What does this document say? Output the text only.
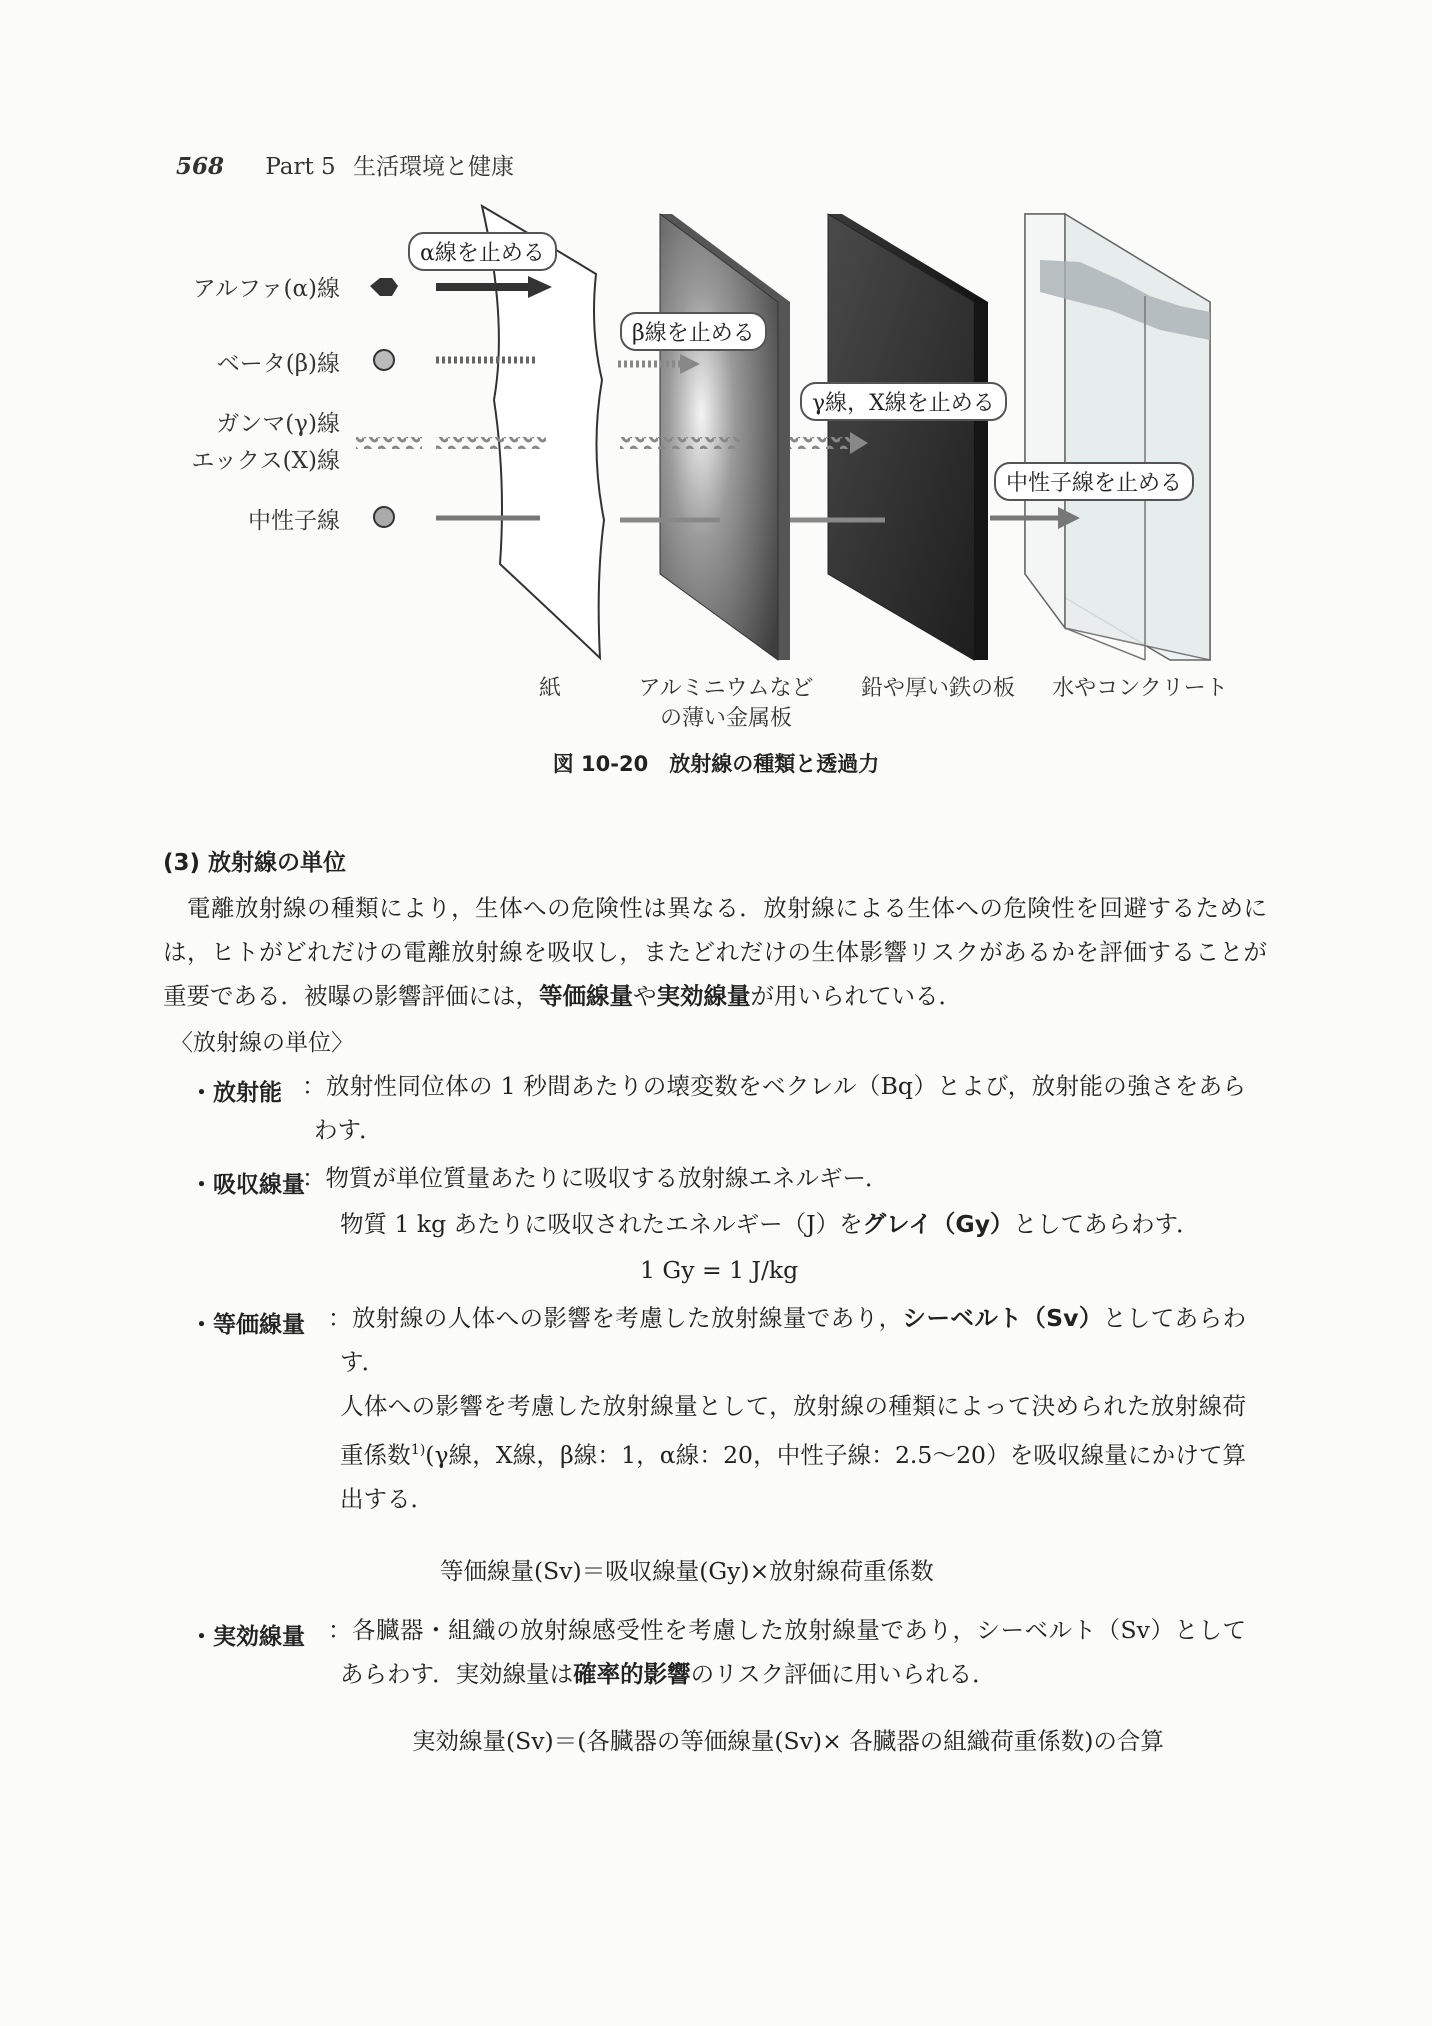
568 Part 5 生活環境と健康
アルファ(α)線
ベータ(β)線
ガンマ(γ)線
エックス(X)線
中性子線
α線を止める
β線を止める
γ線，X線を止める
中性子線を止める
紙	アルミニウムなど
の薄い金属板
鉛や厚い鉄の板	水やコンクリート
図 10-20　放射線の種類と透過力
(3) 放射線の単位
電離放射線の種類により，生体への危険性は異なる．放射線による生体への危険性を回避するためには，ヒトがどれだけの電離放射線を吸収し，またどれだけの生体影響リスクがあるかを評価することが重要である．被曝の影響評価には，等価線量や実効線量が用いられている．
〈放射線の単位〉
・放射能 ：放射性同位体の 1 秒間あたりの壊変数をベクレル（Bq）とよび，放射能の強さをあらわす．
・吸収線量
：物質が単位質量あたりに吸収する放射線エネルギー．
物質 1 kg あたりに吸収されたエネルギー（J）をグレイ（Gy）としてあらわす．
1 Gy = 1 J/kg
・等価線量 ：放射線の人体への影響を考慮した放射線量であり，シーベルト（Sv）としてあらわす．
人体への影響を考慮した放射線量として，放射線の種類によって決められた放射線荷重係数$^{1)}$(γ線，X線，β線：1，α線：20，中性子線：2.5〜20）を吸収線量にかけて算出する．
等価線量(Sv)＝吸収線量(Gy)×放射線荷重係数
・実効線量 ：各臓器・組織の放射線感受性を考慮した放射線量であり，シーベルト（Sv）としてあらわす．実効線量は確率的影響のリスク評価に用いられる．
実効線量(Sv)＝(各臓器の等価線量(Sv)× 各臓器の組織荷重係数)の合算
